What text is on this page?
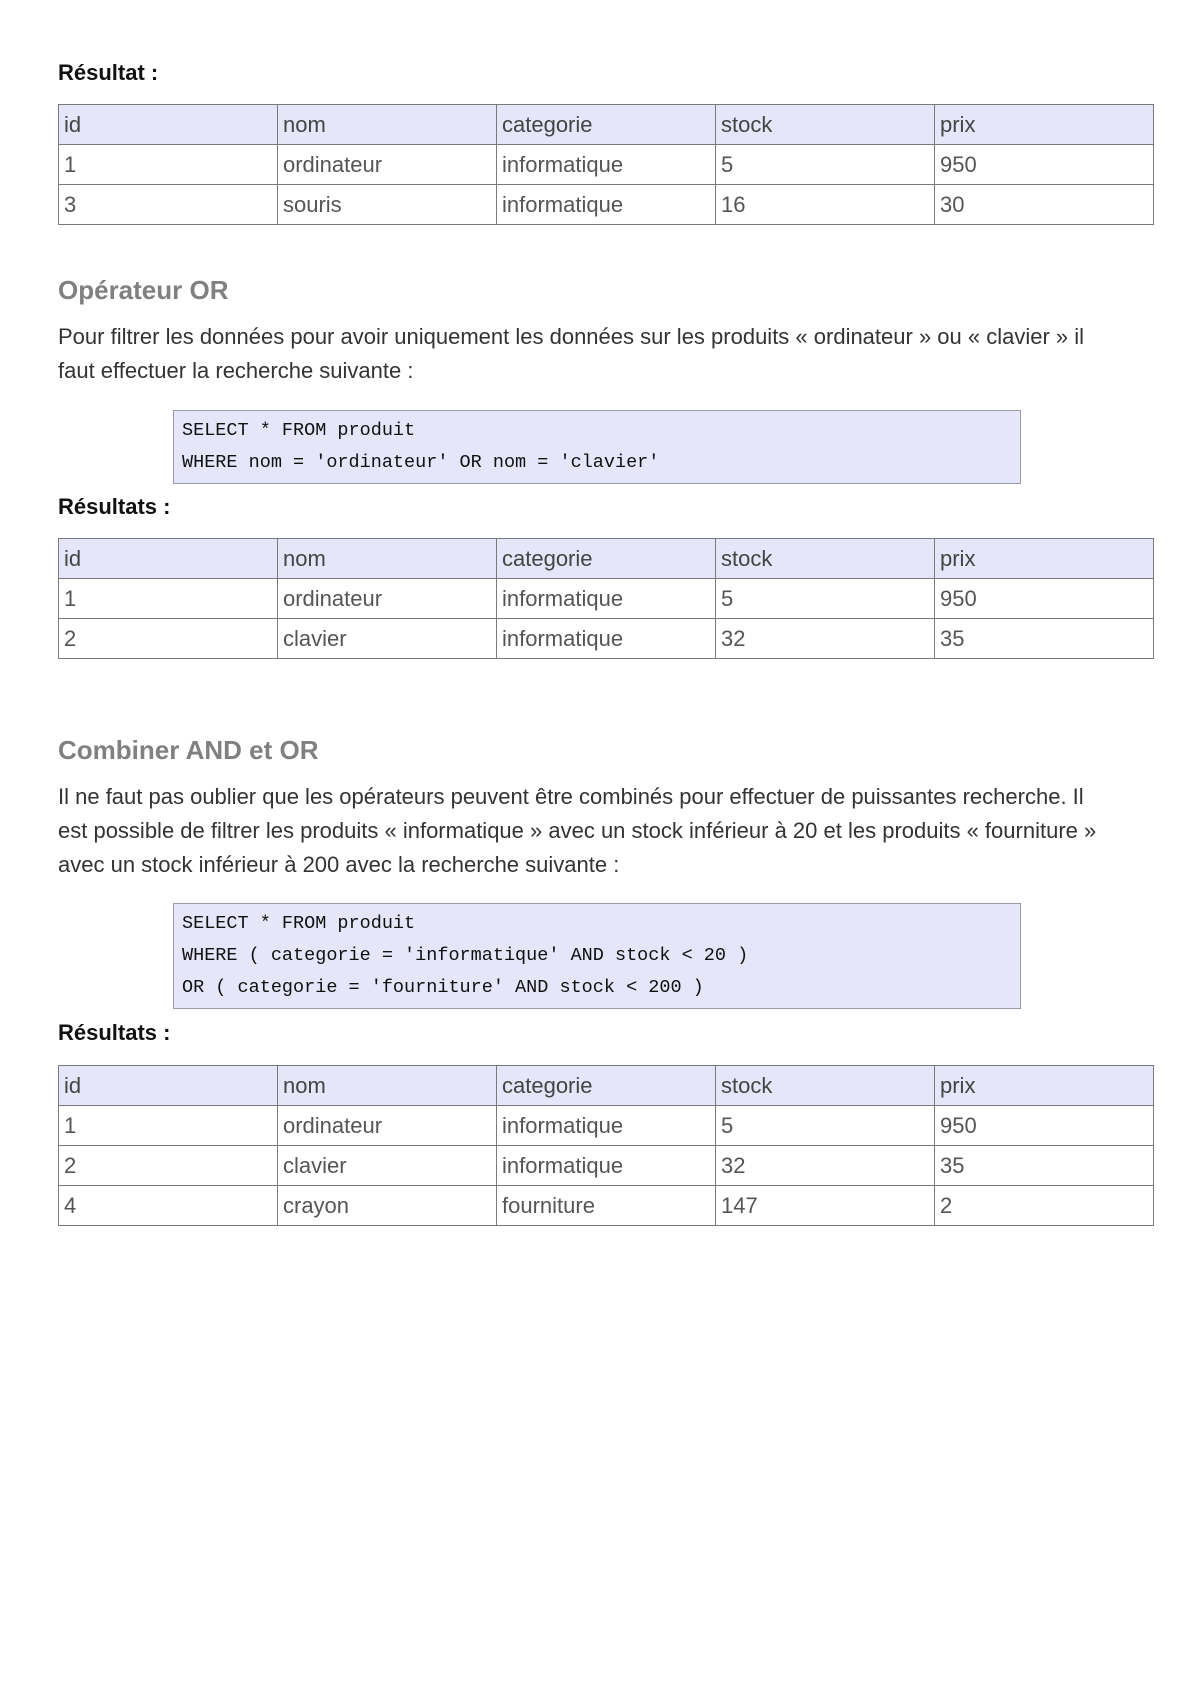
Résultat :

id	nom	categorie	stock	prix
1	ordinateur	informatique	5	950
3	souris	informatique	16	30
Opérateur OR

Pour filtrer les données pour avoir uniquement les données sur les produits « ordinateur » ou « clavier » il faut effectuer la recherche suivante :

SELECT * FROM produit
WHERE nom = 'ordinateur' OR nom = 'clavier'

Résultats :

id	nom	categorie	stock	prix
1	ordinateur	informatique	5	950
2	clavier	informatique	32	35
Combiner AND et OR

Il ne faut pas oublier que les opérateurs peuvent être combinés pour effectuer de puissantes recherche. Il est possible de filtrer les produits « informatique » avec un stock inférieur à 20 et les produits « fourniture » avec un stock inférieur à 200 avec la recherche suivante :

SELECT * FROM produit
WHERE ( categorie = 'informatique' AND stock < 20 )
OR ( categorie = 'fourniture' AND stock < 200 )

Résultats :

id	nom	categorie	stock	prix
1	ordinateur	informatique	5	950
2	clavier	informatique	32	35
4	crayon	fourniture	147	2
